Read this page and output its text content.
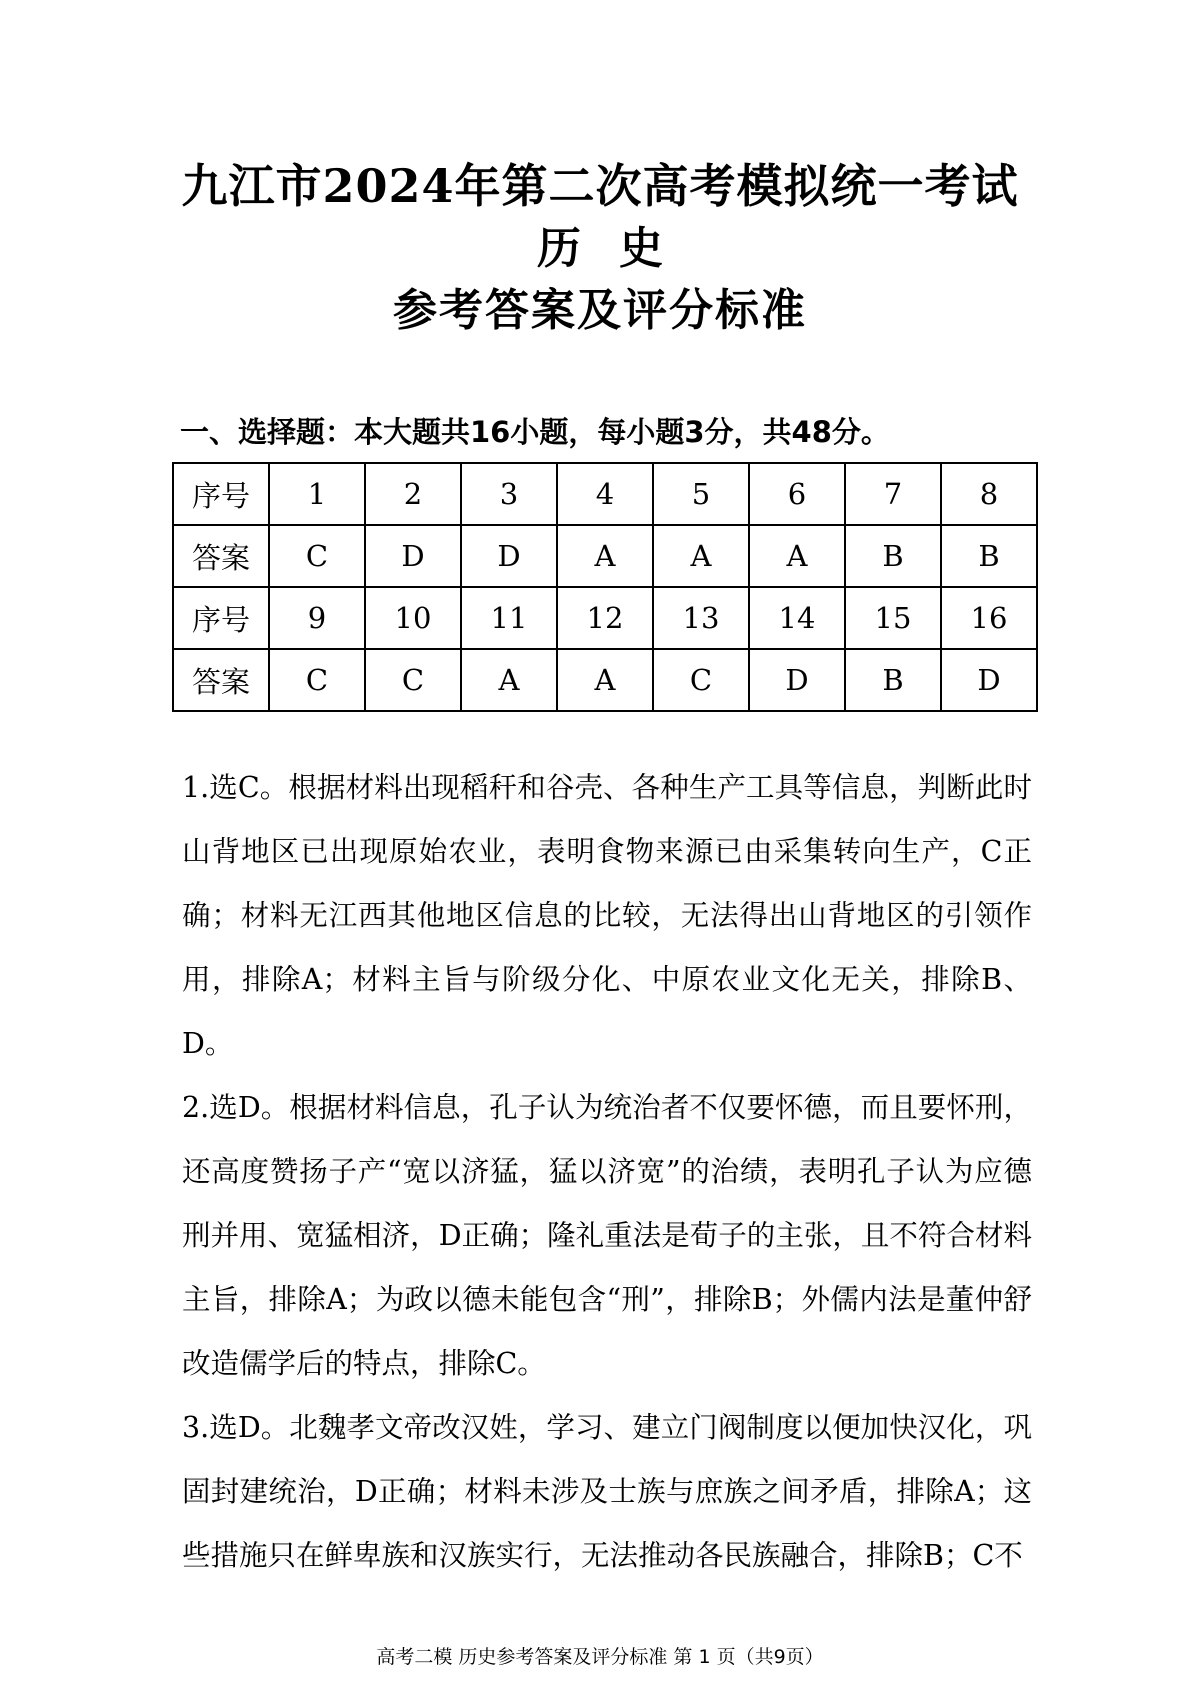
九江市2024年第二次高考模拟统一考试
历史
参考答案及评分标准
一、选择题：本大题共16小题，每小题3分，共48分。
序号	1	2	3	4	5	6	7	8
答案	C	D	D	A	A	A	B	B
序号	9	10	11	12	13	14	15	16
答案	C	C	A	A	C	D	B	D

1.选C。根据材料出现稻秆和谷壳、各种生产工具等信息，判断此时山背地区已出现原始农业，表明食物来源已由采集转向生产，C正确；材料无江西其他地区信息的比较，无法得出山背地区的引领作用，排除A；材料主旨与阶级分化、中原农业文化无关，排除B、D。

2.选D。根据材料信息，孔子认为统治者不仅要怀德，而且要怀刑，还高度赞扬子产“宽以济猛，猛以济宽”的治绩，表明孔子认为应德刑并用、宽猛相济，D正确；隆礼重法是荀子的主张，且不符合材料主旨，排除A；为政以德未能包含“刑”，排除B；外儒内法是董仲舒改造儒学后的特点，排除C。

3.选D。北魏孝文帝改汉姓，学习、建立门阀制度以便加快汉化，巩固封建统治，D正确；材料未涉及士族与庶族之间矛盾，排除A；这些措施只在鲜卑族和汉族实行，无法推动各民族融合，排除B；C不

高考二模 历史参考答案及评分标准 第 1 页（共9页）
